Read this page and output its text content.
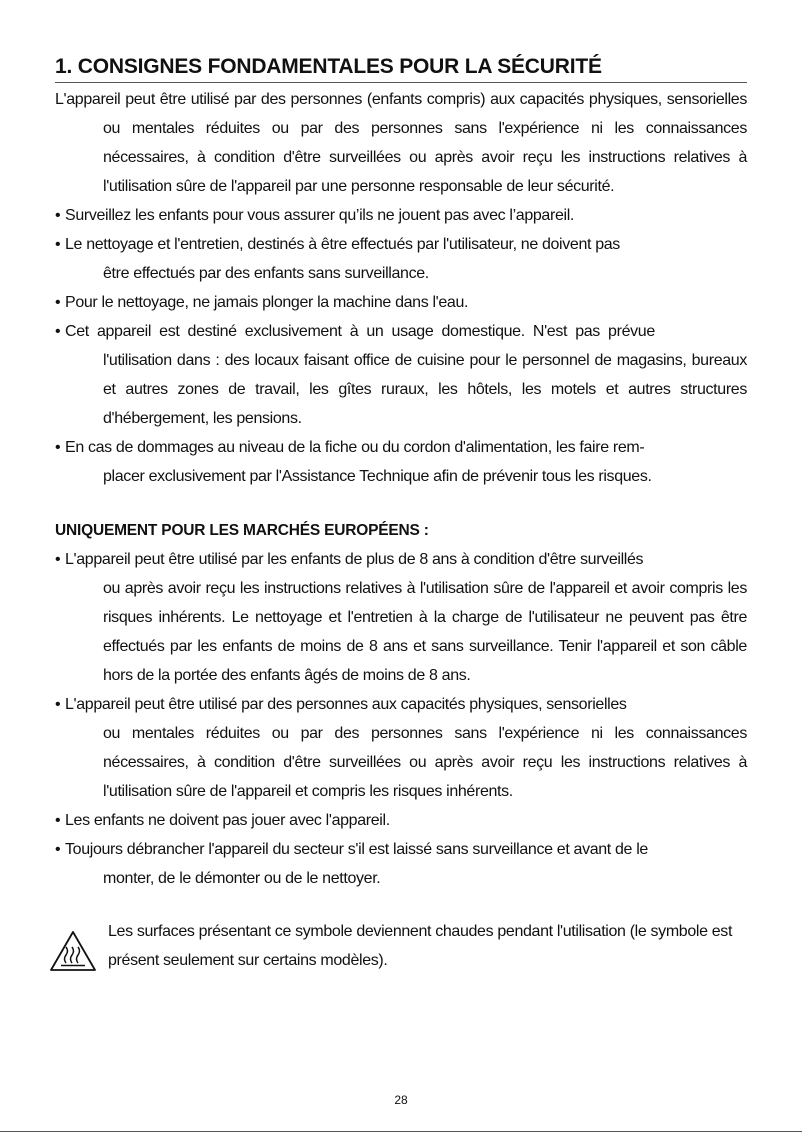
1. CONSIGNES FONDAMENTALES POUR LA SÉCURITÉ

L'appareil peut être utilisé par des personnes (enfants compris) aux capacités physiques, sensorielles ou mentales réduites ou par des personnes sans l'expérience ni les connaissances nécessaires, à condition d'être surveillées ou après avoir reçu les instructions relatives à l'utilisation sûre de l'appareil par une personne responsable de leur sécurité.

• Surveillez les enfants pour vous assurer qu’ils ne jouent pas avec l’appareil.
• Le nettoyage et l'entretien, destinés à être effectués par l'utilisateur, ne doivent pas
être effectués par des enfants sans surveillance.
• Pour le nettoyage, ne jamais plonger la machine dans l'eau.
• Cet appareil est destiné exclusivement à un usage domestique. N'est pas prévue
l'utilisation dans : des locaux faisant office de cuisine pour le personnel de magasins, bureaux et autres zones de travail, les gîtes ruraux, les hôtels, les motels et autres structures d'hébergement, les pensions.
• En cas de dommages au niveau de la fiche ou du cordon d'alimentation, les faire rem-
placer exclusivement par l'Assistance Technique afin de prévenir tous les risques.
UNIQUEMENT POUR LES MARCHÉS EUROPÉENS :
• L'appareil peut être utilisé par les enfants de plus de 8 ans à condition d'être surveillés
ou après avoir reçu les instructions relatives à l'utilisation sûre de l'appareil et avoir compris les risques inhérents. Le nettoyage et l'entretien à la charge de l'utilisateur ne peuvent pas être effectués par les enfants de moins de 8 ans et sans surveillance. Tenir l'appareil et son câble hors de la portée des enfants âgés de moins de 8 ans.
• L'appareil peut être utilisé par des personnes aux capacités physiques, sensorielles
ou mentales réduites ou par des personnes sans l'expérience ni les connaissances nécessaires, à condition d'être surveillées ou après avoir reçu les instructions relatives à l'utilisation sûre de l'appareil et compris les risques inhérents.
• Les enfants ne doivent pas jouer avec l'appareil.
• Toujours débrancher l'appareil du secteur s'il est laissé sans surveillance et avant de le
monter, de le démonter ou de le nettoyer.

Les surfaces présentant ce symbole deviennent chaudes pendant l'utilisation (le symbole est présent seulement sur certains modèles).

28
